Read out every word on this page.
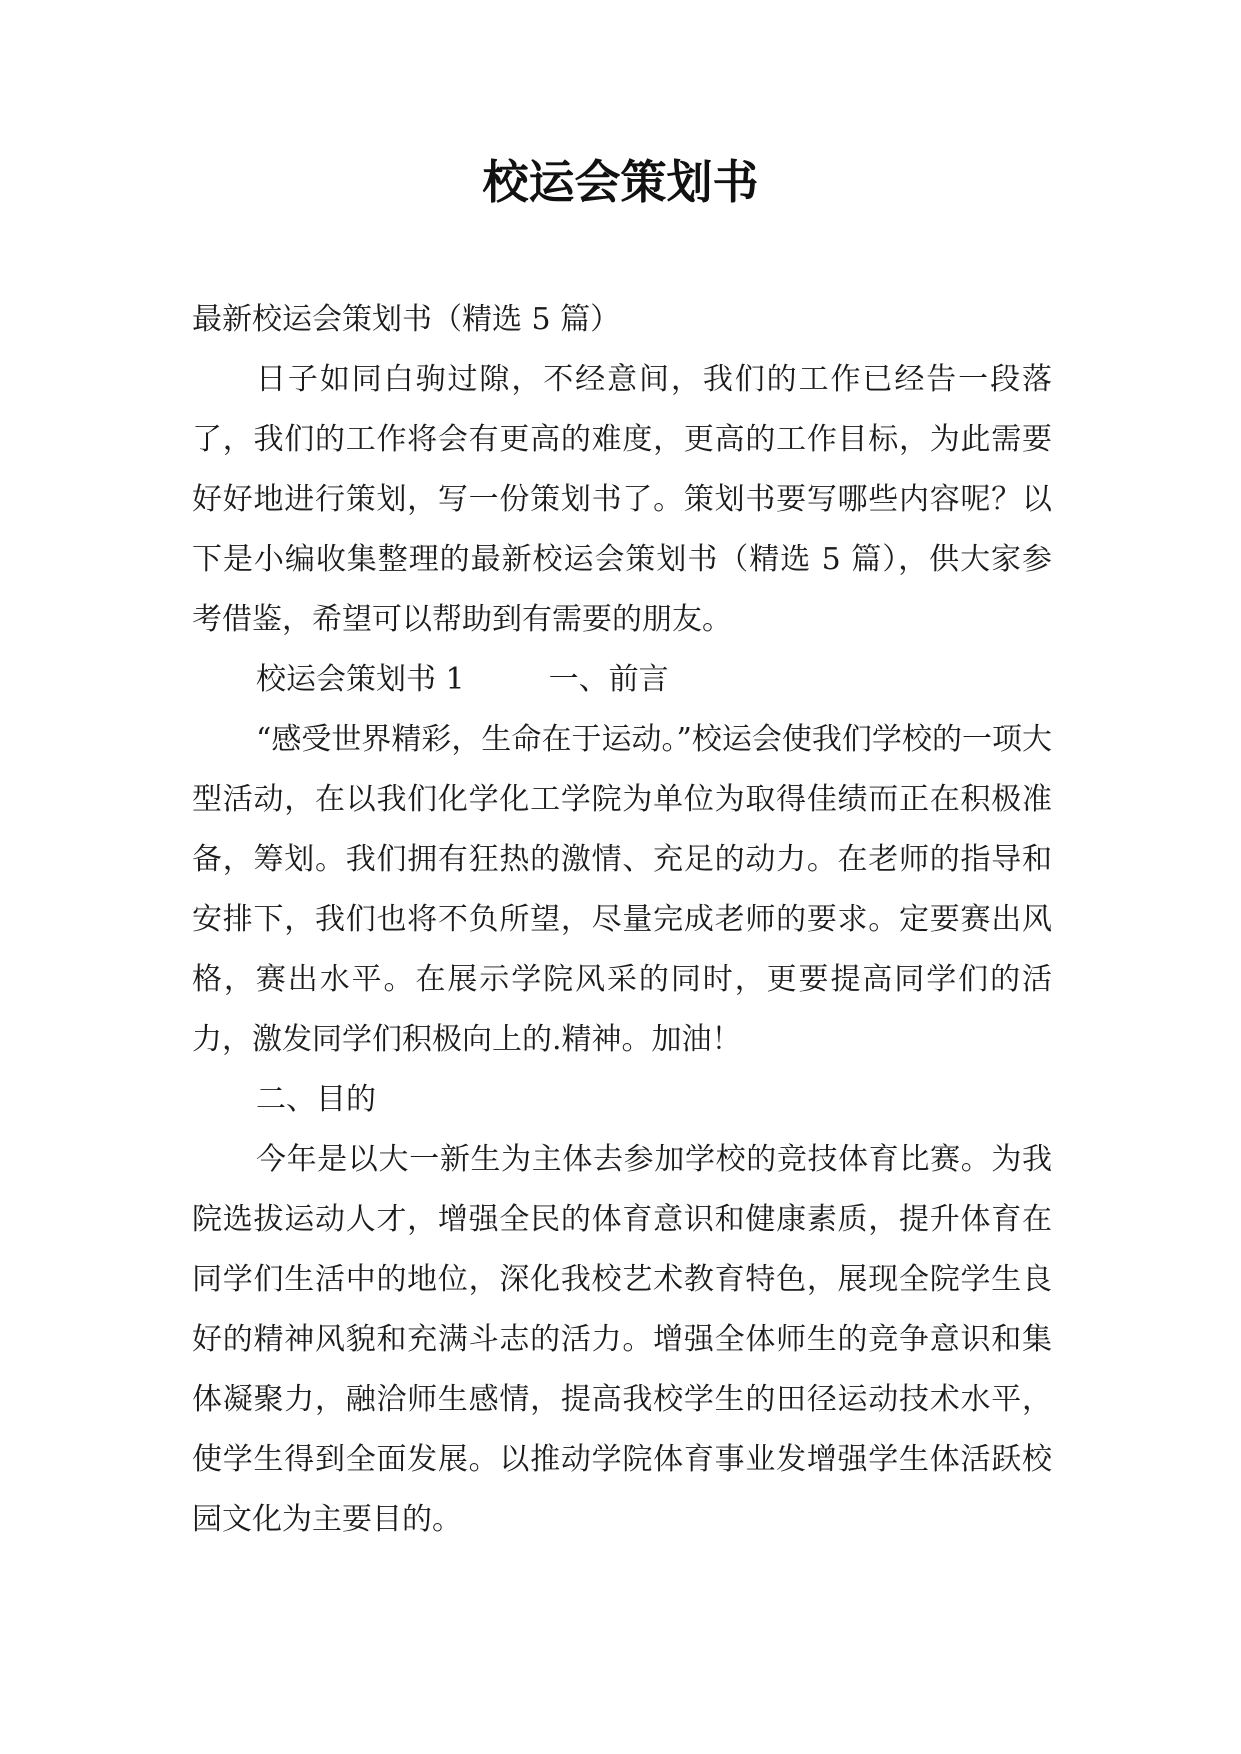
校运会策划书

最新校运会策划书（精选 5 篇）

日子如同白驹过隙，不经意间，我们的工作已经告一段落了，我们的工作将会有更高的难度，更高的工作目标，为此需要好好地进行策划，写一份策划书了。策划书要写哪些内容呢？以下是小编收集整理的最新校运会策划书（精选 5 篇），供大家参考借鉴，希望可以帮助到有需要的朋友。

校运会策划书 1	一、前言

“感受世界精彩，生命在于运动。”校运会使我们学校的一项大型活动，在以我们化学化工学院为单位为取得佳绩而正在积极准备，筹划。我们拥有狂热的激情、充足的动力。在老师的指导和安排下，我们也将不负所望，尽量完成老师的要求。定要赛出风格，赛出水平。在展示学院风采的同时，更要提高同学们的活力，激发同学们积极向上的.精神。加油！

二、目的

今年是以大一新生为主体去参加学校的竞技体育比赛。为我院选拔运动人才，增强全民的体育意识和健康素质，提升体育在同学们生活中的地位，深化我校艺术教育特色，展现全院学生良好的精神风貌和充满斗志的活力。增强全体师生的竞争意识和集体凝聚力，融洽师生感情，提高我校学生的田径运动技术水平，使学生得到全面发展。以推动学院体育事业发增强学生体活跃校园文化为主要目的。
